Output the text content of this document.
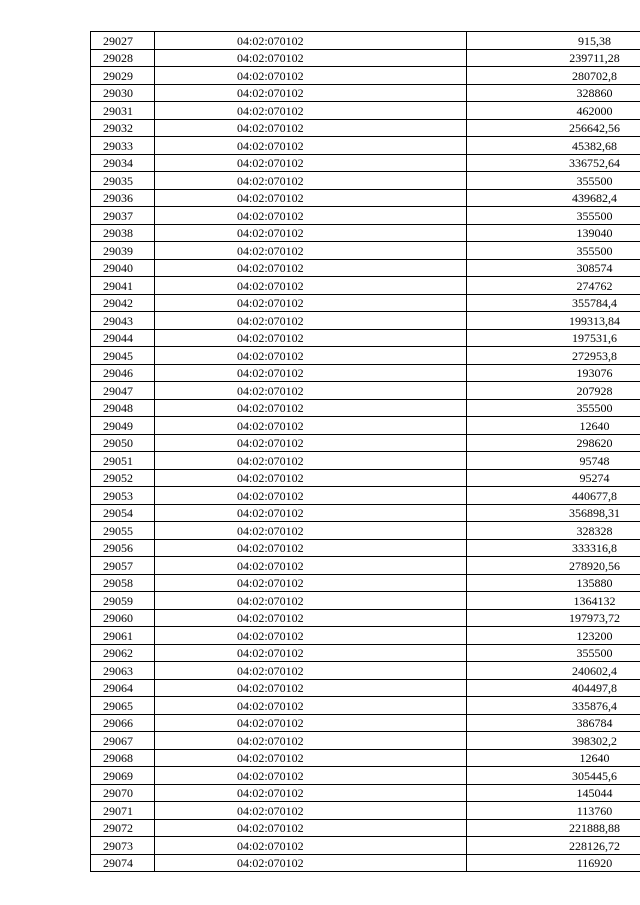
29027	04:02:070102	915,38
29028	04:02:070102	239711,28
29029	04:02:070102	280702,8
29030	04:02:070102	328860
29031	04:02:070102	462000
29032	04:02:070102	256642,56
29033	04:02:070102	45382,68
29034	04:02:070102	336752,64
29035	04:02:070102	355500
29036	04:02:070102	439682,4
29037	04:02:070102	355500
29038	04:02:070102	139040
29039	04:02:070102	355500
29040	04:02:070102	308574
29041	04:02:070102	274762
29042	04:02:070102	355784,4
29043	04:02:070102	199313,84
29044	04:02:070102	197531,6
29045	04:02:070102	272953,8
29046	04:02:070102	193076
29047	04:02:070102	207928
29048	04:02:070102	355500
29049	04:02:070102	12640
29050	04:02:070102	298620
29051	04:02:070102	95748
29052	04:02:070102	95274
29053	04:02:070102	440677,8
29054	04:02:070102	356898,31
29055	04:02:070102	328328
29056	04:02:070102	333316,8
29057	04:02:070102	278920,56
29058	04:02:070102	135880
29059	04:02:070102	1364132
29060	04:02:070102	197973,72
29061	04:02:070102	123200
29062	04:02:070102	355500
29063	04:02:070102	240602,4
29064	04:02:070102	404497,8
29065	04:02:070102	335876,4
29066	04:02:070102	386784
29067	04:02:070102	398302,2
29068	04:02:070102	12640
29069	04:02:070102	305445,6
29070	04:02:070102	145044
29071	04:02:070102	113760
29072	04:02:070102	221888,88
29073	04:02:070102	228126,72
29074	04:02:070102	116920
